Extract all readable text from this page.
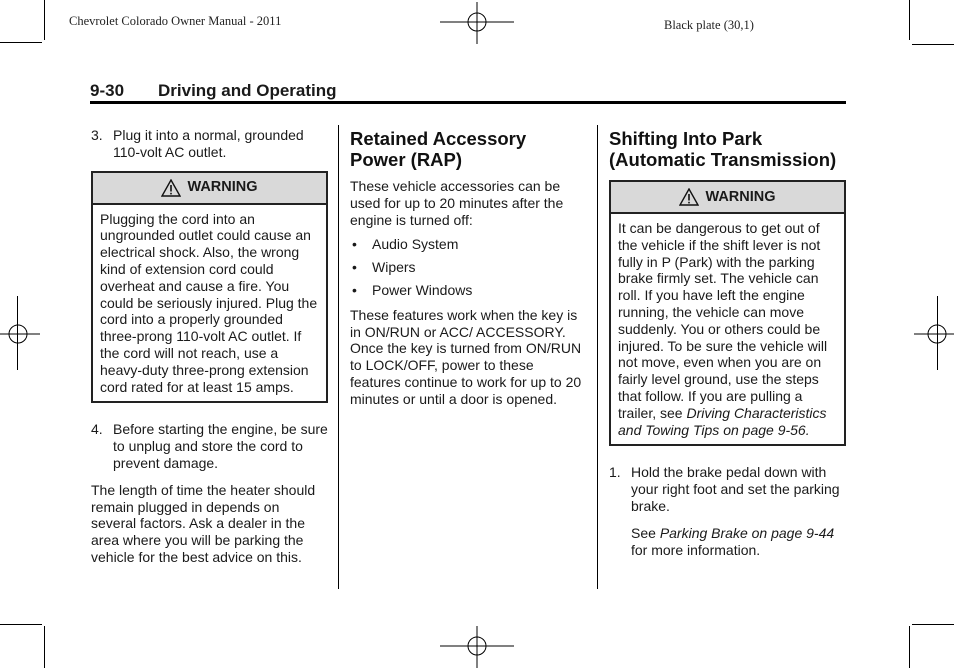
Chevrolet Colorado Owner Manual - 2011	Black plate (30,1)
9-30 Driving and Operating
3. Plug it into a normal, grounded 110-volt AC outlet.
WARNING
Plugging the cord into an ungrounded outlet could cause an electrical shock. Also, the wrong kind of extension cord could overheat and cause a fire. You could be seriously injured. Plug the cord into a properly grounded three-prong 110-volt AC outlet. If the cord will not reach, use a heavy-duty three-prong extension cord rated for at least 15 amps.
4. Before starting the engine, be sure to unplug and store the cord to prevent damage.

The length of time the heater should remain plugged in depends on several factors. Ask a dealer in the area where you will be parking the vehicle for the best advice on this.

Retained Accessory Power (RAP)

These vehicle accessories can be used for up to 20 minutes after the engine is turned off:

• Audio System
• Wipers
• Power Windows

These features work when the key is in ON/RUN or ACC/ ACCESSORY. Once the key is turned from ON/RUN to LOCK/OFF, power to these features continue to work for up to 20 minutes or until a door is opened.

Shifting Into Park (Automatic Transmission)
WARNING
It can be dangerous to get out of the vehicle if the shift lever is not fully in P (Park) with the parking brake firmly set. The vehicle can roll. If you have left the engine running, the vehicle can move suddenly. You or others could be injured. To be sure the vehicle will not move, even when you are on fairly level ground, use the steps that follow. If you are pulling a trailer, see Driving Characteristics and Towing Tips on page 9-56.
1. Hold the brake pedal down with your right foot and set the parking brake.

See Parking Brake on page 9-44 for more information.
